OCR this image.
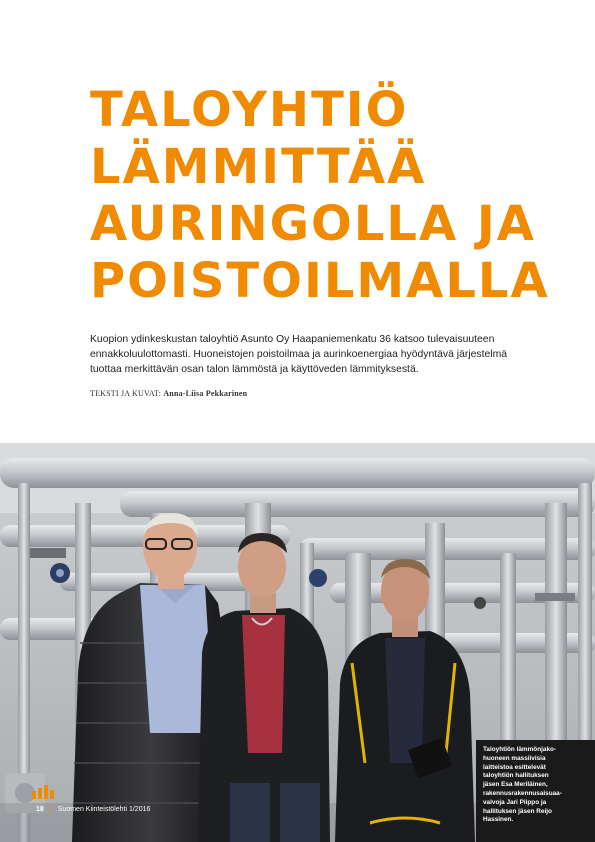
TALOYHTIÖ
LÄMMITTÄÄ
AURINGOLLA JA
POISTOILMALLA

Kuopion ydinkeskustan taloyhtiö Asunto Oy Haapaniemenkatu 36 katsoo tulevaisuuteen
ennakkoluulottomasti. Huoneistojen poistoilmaa ja aurinkoenergiaa hyödyntävä järjestelmä
tuottaa merkittävän osan talon lämmöstä ja käyttöveden lämmityksestä.

TEKSTI JA KUVAT: Anna-Liisa Pekkarinen

Taloyhtiön lämmönjako-
huoneen massiivisia
laitteistoa esittelevät
taloyhtiön hallituksen
jäsen Esa Meriläinen,
rakennusrakennusaisuaa-
valvoja Jari Piippo ja
hallituksen jäsen Reijo
Hassinen.

18 | Suomen Kiinteistölehti 1/2016
